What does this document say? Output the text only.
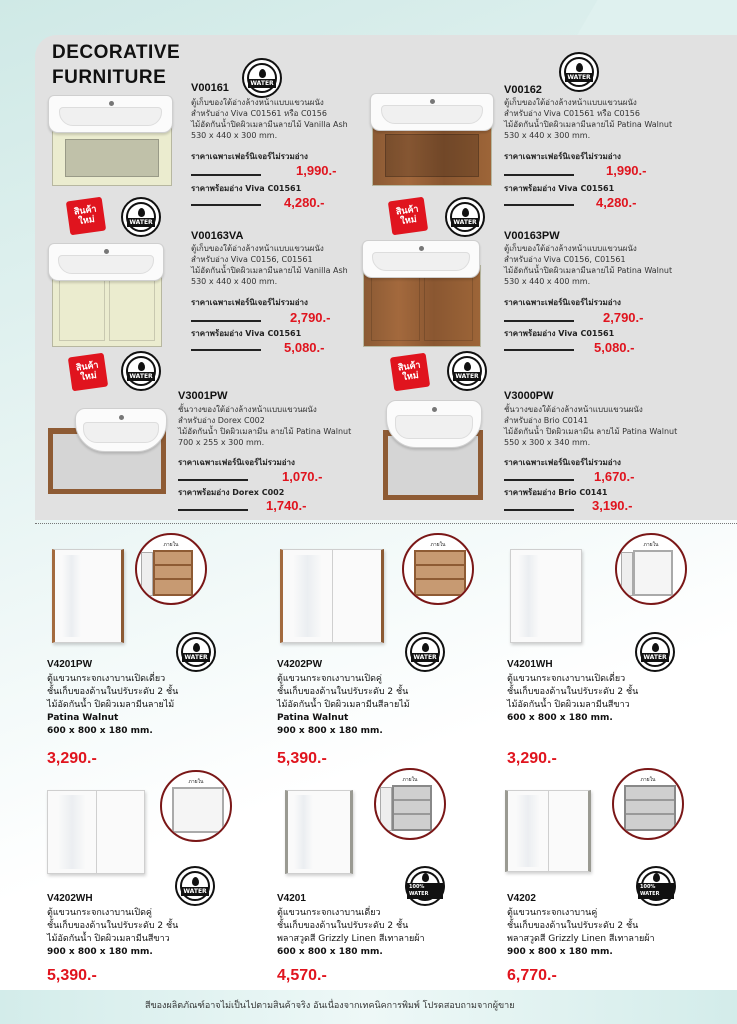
DECORATIVE
FURNITURE	WATER
V00161
ตู้เก็บของใต้อ่างล้างหน้าแบบแขวนผนัง
สำหรับอ่าง Viva C01561 หรือ C0156
ไม้อัดกันน้ำปิดผิวเมลามีนลายไม้ Vanilla Ash
530 x 440 x 300 mm.
ราคาเฉพาะเฟอร์นิเจอร์ไม่รวมอ่าง
1,990.-
ราคาพร้อมอ่าง Viva C01561
4,280.-
WATER
V00162
ตู้เก็บของใต้อ่างล้างหน้าแบบแขวนผนัง
สำหรับอ่าง Viva C01561 หรือ C0156
ไม้อัดกันน้ำปิดผิวเมลามีนลายไม้ Patina Walnut
530 x 440 x 300 mm.
ราคาเฉพาะเฟอร์นิเจอร์ไม่รวมอ่าง
1,990.-
ราคาพร้อมอ่าง Viva C01561
4,280.-
สินค้าใหม่	WATER
สินค้าใหม่	WATER
V00163VA
ตู้เก็บของใต้อ่างล้างหน้าแบบแขวนผนัง
สำหรับอ่าง Viva C0156, C01561
ไม้อัดกันน้ำปิดผิวเมลามีนลายไม้ Vanilla Ash
530 x 440 x 400 mm.
ราคาเฉพาะเฟอร์นิเจอร์ไม่รวมอ่าง
2,790.-
ราคาพร้อมอ่าง Viva C01561
5,080.-
V00163PW
ตู้เก็บของใต้อ่างล้างหน้าแบบแขวนผนัง
สำหรับอ่าง Viva C0156, C01561
ไม้อัดกันน้ำปิดผิวเมลามีนลายไม้ Patina Walnut
530 x 440 x 400 mm.
ราคาเฉพาะเฟอร์นิเจอร์ไม่รวมอ่าง
2,790.-
ราคาพร้อมอ่าง Viva C01561
5,080.-
สินค้าใหม่	WATER
สินค้าใหม่	WATER
V3001PW
ชั้นวางของใต้อ่างล้างหน้าแบบแขวนผนัง
สำหรับอ่าง Dorex C002
ไม้อัดกันน้ำ ปิดผิวเมลามีน ลายไม้ Patina Walnut
700 x 255 x 300 mm.
ราคาเฉพาะเฟอร์นิเจอร์ไม่รวมอ่าง
1,070.-
ราคาพร้อมอ่าง Dorex C002
1,740.-
V3000PW
ชั้นวางของใต้อ่างล้างหน้าแบบแขวนผนัง
สำหรับอ่าง Brio C0141
ไม้อัดกันน้ำ ปิดผิวเมลามีน ลายไม้ Patina Walnut
550 x 300 x 340 mm.
ราคาเฉพาะเฟอร์นิเจอร์ไม่รวมอ่าง
1,670.-
ราคาพร้อมอ่าง Brio C0141
3,190.-
ภายใน
WATER
V4201PW
ตู้แขวนกระจกเงาบานเปิดเดี่ยว
ชั้นเก็บของด้านในปรับระดับ 2 ชั้น
ไม้อัดกันน้ำ ปิดผิวเมลามีนลายไม้
Patina Walnut
600 x 800 x 180 mm.
3,290.-
ภายใน
WATER
V4202PW
ตู้แขวนกระจกเงาบานเปิดคู่
ชั้นเก็บของด้านในปรับระดับ 2 ชั้น
ไม้อัดกันน้ำ ปิดผิวเมลามีนสีลายไม้
Patina Walnut
900 x 800 x 180 mm.
5,390.-
ภายใน
WATER
V4201WH
ตู้แขวนกระจกเงาบานเปิดเดี่ยว
ชั้นเก็บของด้านในปรับระดับ 2 ชั้น
ไม้อัดกันน้ำ ปิดผิวเมลามีนสีขาว
600 x 800 x 180 mm.
3,290.-
ภายใน
WATER
V4202WH
ตู้แขวนกระจกเงาบานเปิดคู่
ชั้นเก็บของด้านในปรับระดับ 2 ชั้น
ไม้อัดกันน้ำ ปิดผิวเมลามีนสีขาว
900 x 800 x 180 mm.
5,390.-
ภายใน
100% WATER
V4201
ตู้แขวนกระจกเงาบานเดี่ยว
ชั้นเก็บของด้านในปรับระดับ 2 ชั้น
พลาสวูดสี Grizzly Linen สีเทาลายผ้า
600 x 800 x 180 mm.
4,570.-
ภายใน
100% WATER
V4202
ตู้แขวนกระจกเงาบานคู่
ชั้นเก็บของด้านในปรับระดับ 2 ชั้น
พลาสวูดสี Grizzly Linen สีเทาลายผ้า
900 x 800 x 180 mm.
6,770.-
สีของผลิตภัณฑ์อาจไม่เป็นไปตามสินค้าจริง อันเนื่องจากเทคนิคการพิมพ์ โปรดสอบถามจากผู้ขาย
